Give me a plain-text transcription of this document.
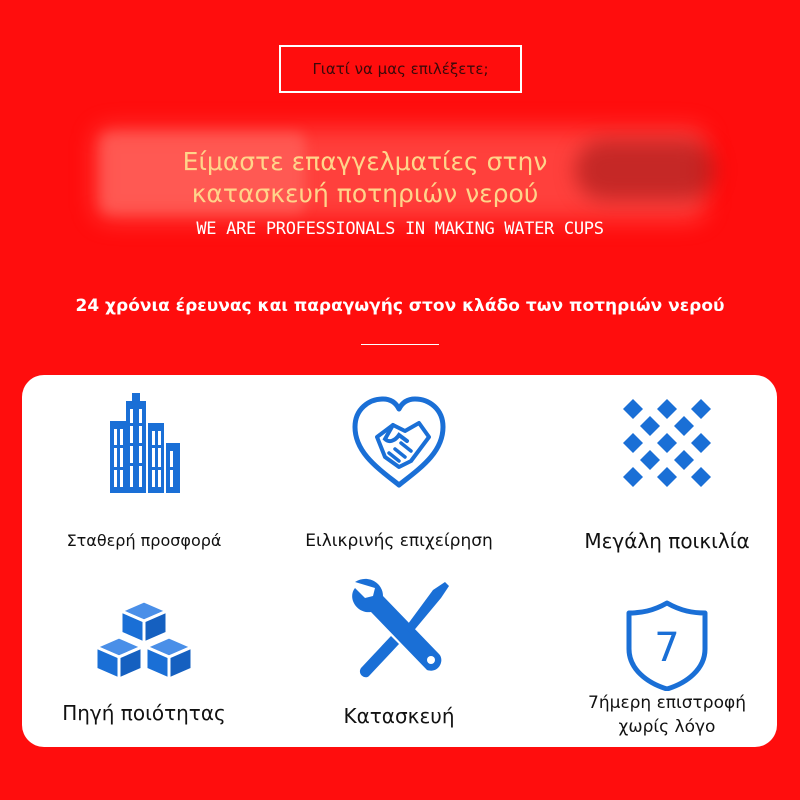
Γιατί να μας επιλέξετε;
Είμαστε επαγγελματίες στην
κατασκευή ποτηριών νερού
WE ARE PROFESSIONALS IN MAKING WATER CUPS
24 χρόνια έρευνας και παραγωγής στον κλάδο των ποτηριών νερού
Σταθερή προσφορά	Ειλικρινής επιχείρηση	Μεγάλη ποικιλία
Πηγή ποιότητας	Κατασκευή
7
7ήμερη επιστροφή
χωρίς λόγο
